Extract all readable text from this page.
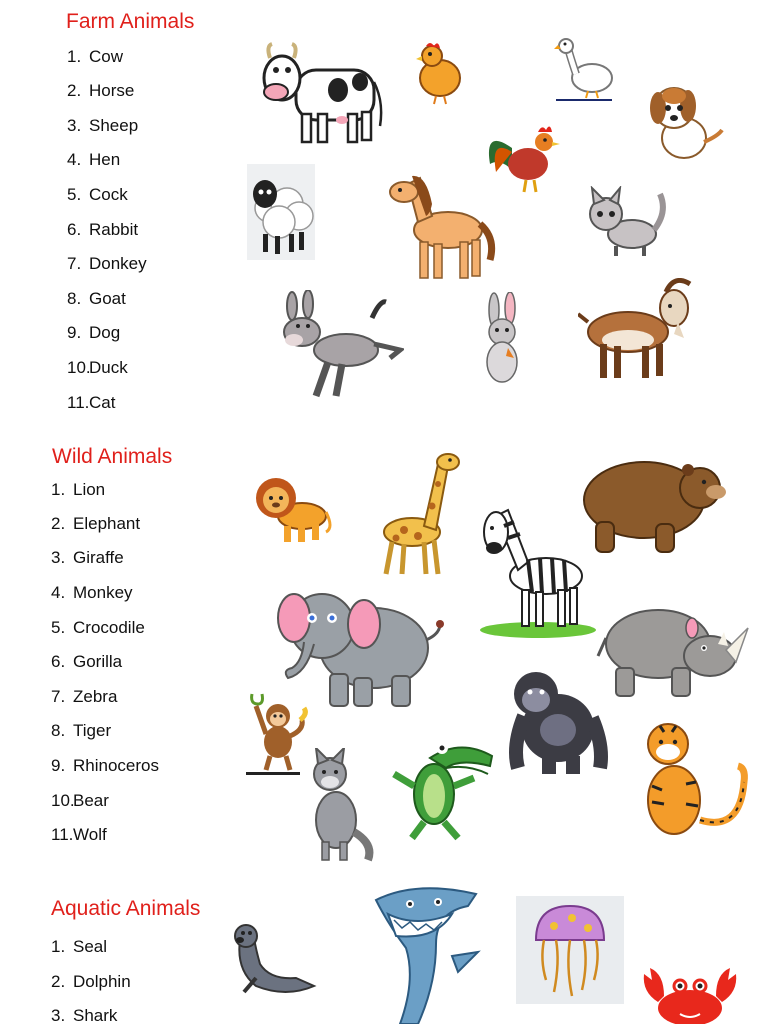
Farm Animals
1. Cow
2. Horse
3. Sheep
4. Hen
5. Cock
6. Rabbit
7. Donkey
8. Goat
9. Dog
10.Duck
11.Cat
Wild Animals
1. Lion
2. Elephant
3. Giraffe
4. Monkey
5. Crocodile
6. Gorilla
7. Zebra
8. Tiger
9. Rhinoceros
10.Bear
11.Wolf
Aquatic Animals
1. Seal
2. Dolphin
3. Shark
